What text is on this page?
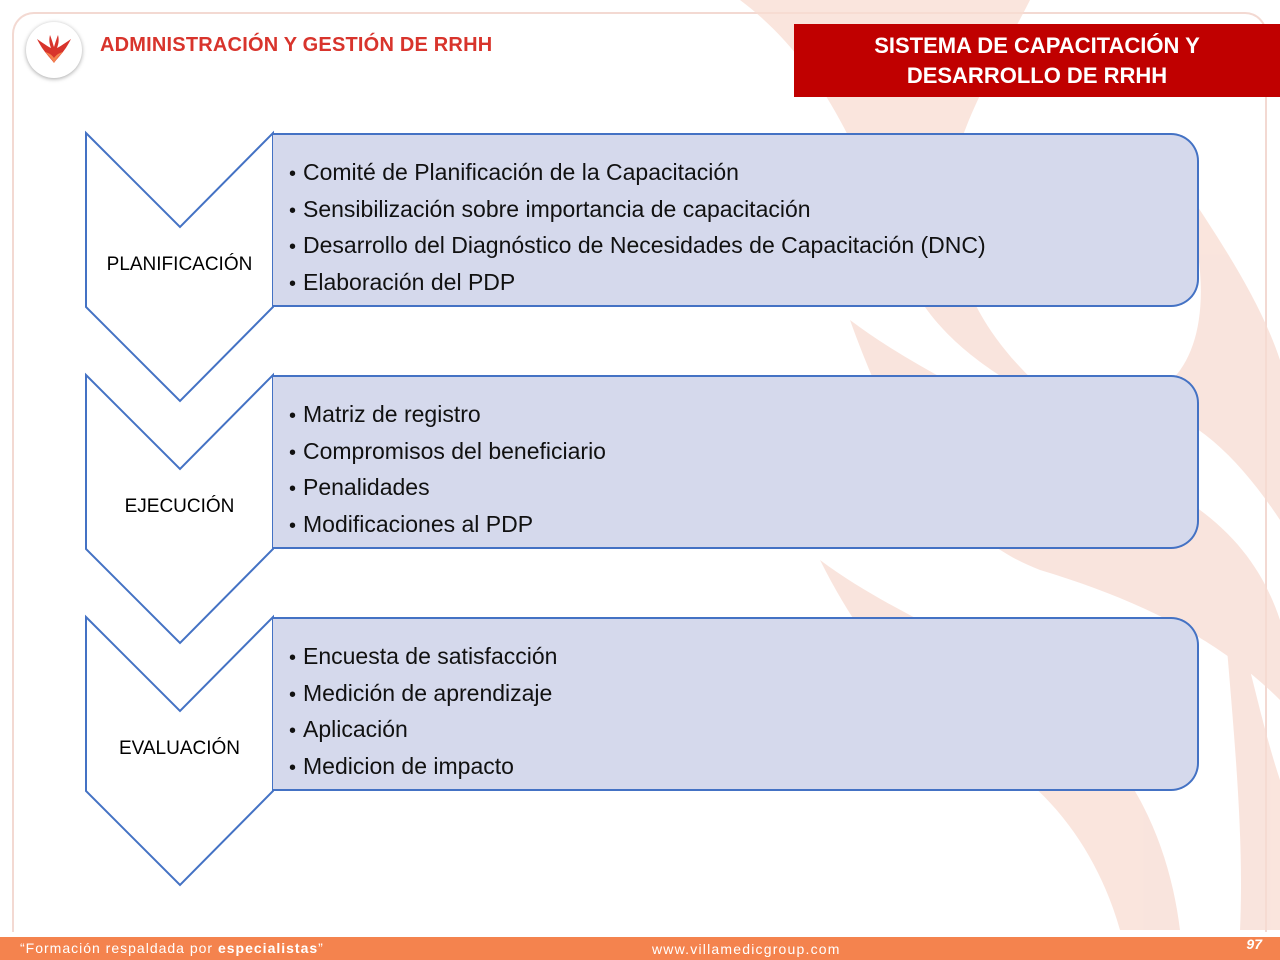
ADMINISTRACIÓN Y GESTIÓN DE RRHH	SISTEMA DE CAPACITACIÓN Y
DESARROLLO DE RRHH
PLANIFICACIÓN
EJECUCIÓN
EVALUACIÓN
• Comité de Planificación de la Capacitación
• Sensibilización sobre importancia de capacitación
• Desarrollo del Diagnóstico de Necesidades de Capacitación (DNC)
• Elaboración del PDP
• Matriz de registro
• Compromisos del beneficiario
• Penalidades
• Modificaciones al PDP
• Encuesta de satisfacción
• Medición de aprendizaje
• Aplicación
• Medicion de impacto
“Formación respaldada por especialistas”	www.villamedicgroup.com	97
